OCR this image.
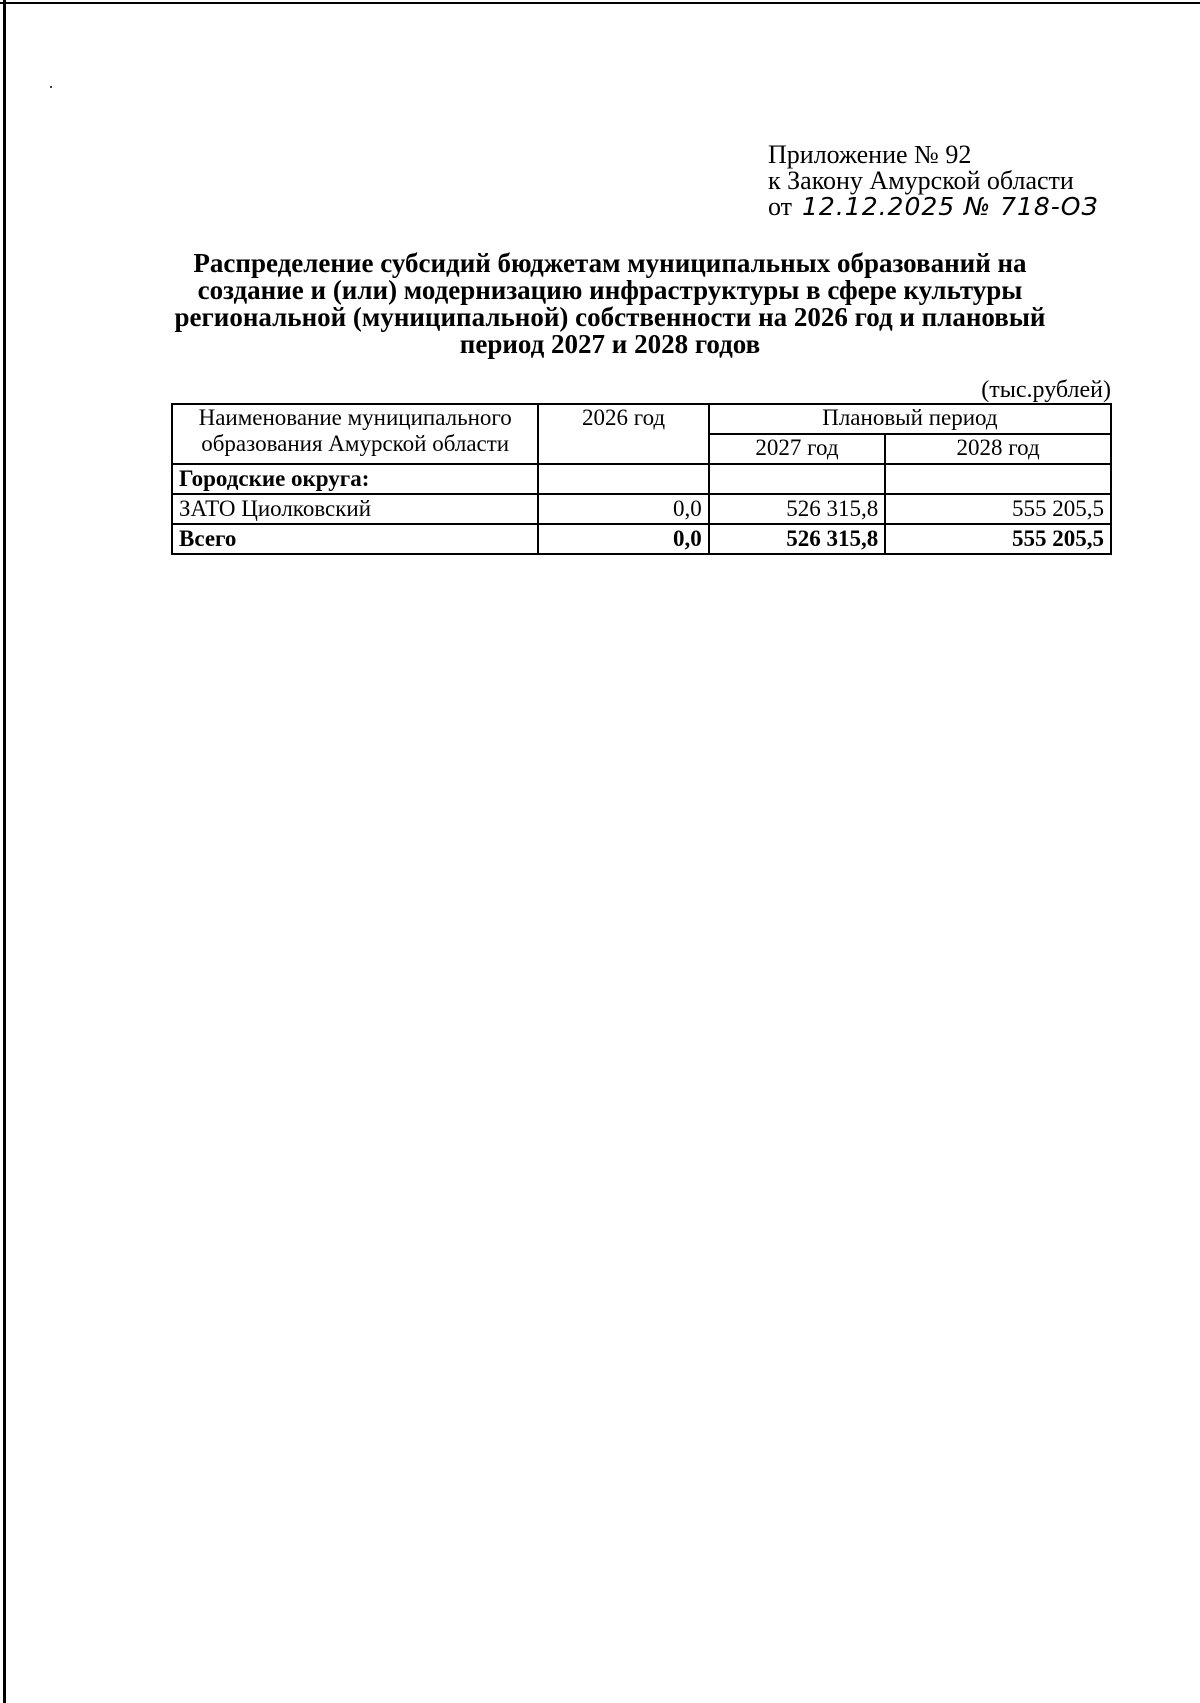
Приложение № 92
к Закону Амурской области
от 12.12.2025 № 718-ОЗ
Распределение субсидий бюджетам муниципальных образований на создание и (или) модернизацию инфраструктуры в сфере культуры региональной (муниципальной) собственности на 2026 год и плановый период 2027 и 2028 годов
(тыс.рублей)
Наименование муниципального образования Амурской области	2026 год	Плановый период	
		2027 год	2028 год
Городские округа:			
ЗАТО Циолковский	0,0	526 315,8	555 205,5
Всего	0,0	526 315,8	555 205,5
